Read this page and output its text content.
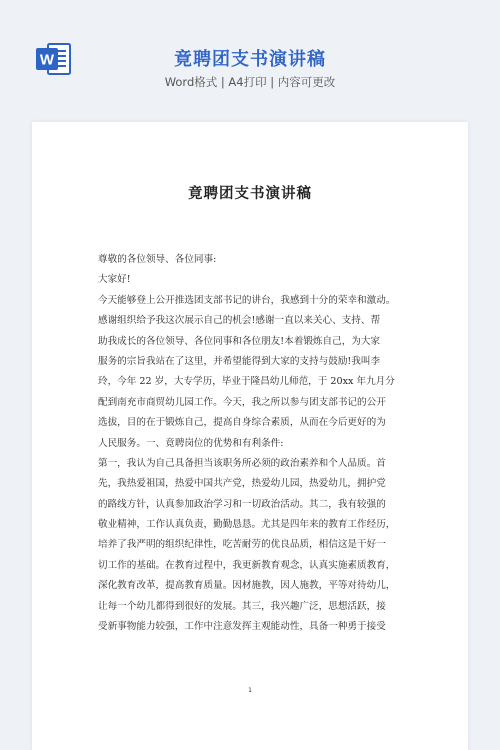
W	竟聘团支书演讲稿
Word格式 | A4打印 | 内容可更改
竟聘团支书演讲稿
尊敬的各位领导、各位同事:
大家好!
今天能够登上公开推选团支部书记的讲台，我感到十分的荣幸和激动。
感谢组织给予我这次展示自己的机会!感谢一直以来关心、支持、帮
助我成长的各位领导、各位同事和各位朋友!本着锻炼自己，为大家
服务的宗旨我站在了这里，并希望能得到大家的支持与鼓励!我叫李
玲，今年 22 岁，大专学历，毕业于隆昌幼儿师范，于 20xx 年九月分
配到南充市商贸幼儿园工作。今天，我之所以参与团支部书记的公开
选拔，目的在于锻炼自己，提高自身综合素质，从而在今后更好的为
人民服务。一、竟聘岗位的优势和有利条件:
第一，我认为自己具备担当该职务所必须的政治素养和个人品质。首
先，我热爱祖国，热爱中国共产党，热爱幼儿园，热爱幼儿，拥护党
的路线方针，认真参加政治学习和一切政治活动。其二，我有较强的
敬业精神，工作认真负责，勤勤恳恳。尤其是四年来的教育工作经历，
培养了我严明的组织纪律性，吃苦耐劳的优良品质，相信这是干好一
切工作的基础。在教育过程中，我更新教育观念，认真实施素质教育，
深化教育改革，提高教育质量。因材施教，因人施教，平等对待幼儿，
让每一个幼儿都得到很好的发展。其三，我兴趣广泛，思想活跃，接
受新事物能力较强，工作中注意发挥主观能动性，具备一种勇于接受
1
